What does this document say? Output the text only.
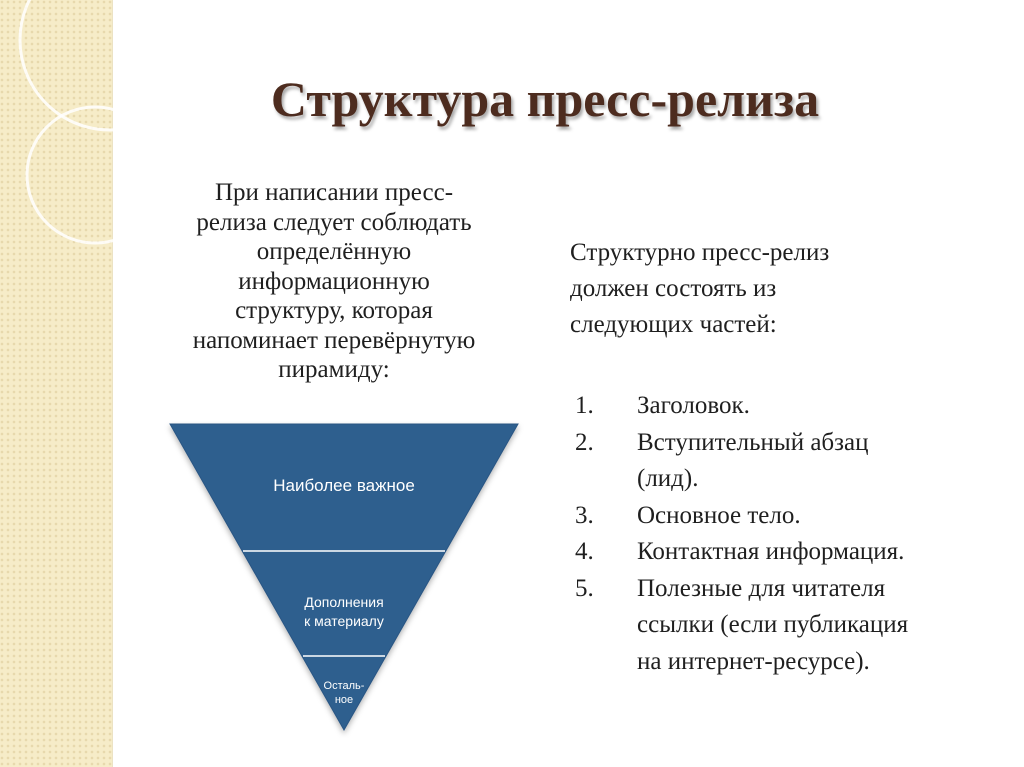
Структура пресс-релиза
При написании пресс-
релиза следует соблюдать
определённую
информационную
структуру, которая
напоминает перевёрнутую
пирамиду:
Структурно пресс-релиз
должен состоять из
следующих частей:
1.	Заголовок.
2.	Вступительный абзац
(лид).
3.	Основное тело.
4.	Контактная информация.
5.	Полезные для читателя
ссылки (если публикация
на интернет-ресурсе).
Наиболее важное
Дополнения
к материалу
Осталь-
ное
